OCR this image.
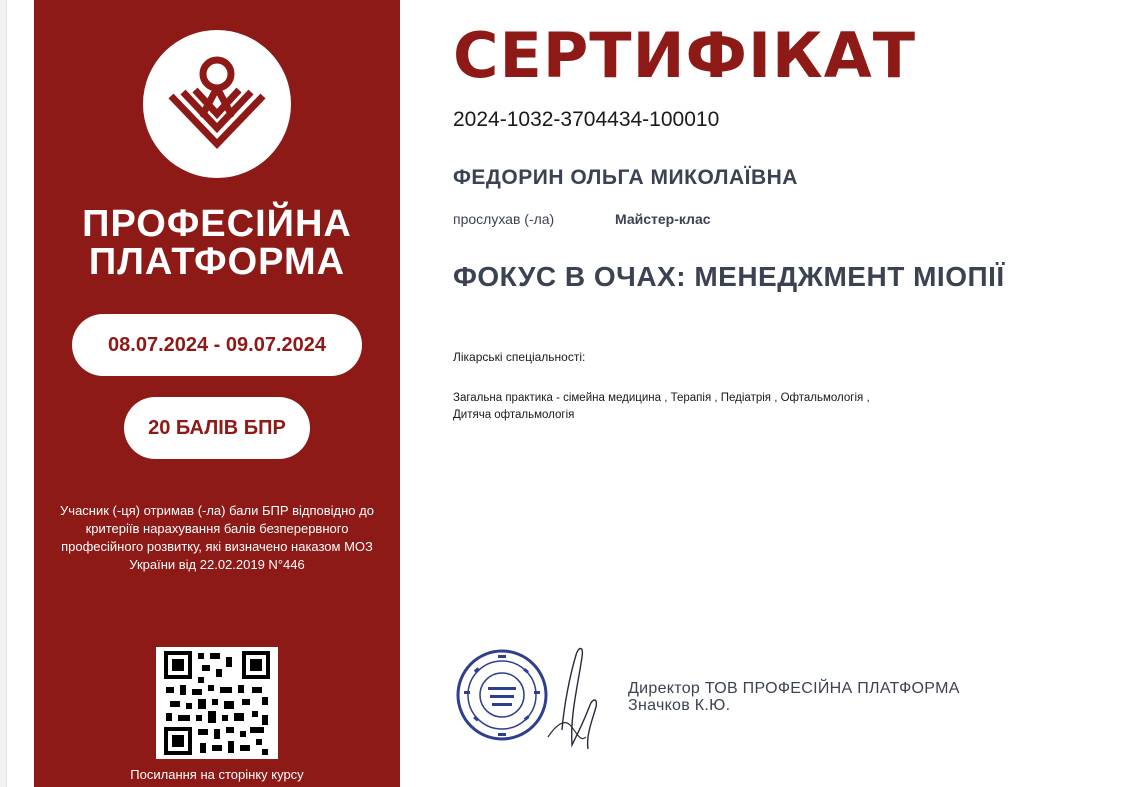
ПРОФЕСІЙНА
ПЛАТФОРМА
08.07.2024 - 09.07.2024
20 БАЛІВ БПР
Учасник (-ця) отримав (-ла) бали БПР відповідно до критеріїв нарахування балів безперервного професійного розвитку, які визначено наказом МОЗ України від 22.02.2019 N°446
Посилання на сторінку курсу
СЕРТИФІКАТ
2024-1032-3704434-100010
ФЕДОРИН ОЛЬГА МИКОЛАЇВНА
прослухав (-ла)	Майстер-клас
ФОКУС В ОЧАХ: МЕНЕДЖМЕНТ МІОПІЇ
Лікарські спеціальності:
Загальна практика - сімейна медицина , Терапія , Педіатрія , Офтальмологія , Дитяча офтальмологія
Директор ТОВ ПРОФЕСІЙНА ПЛАТФОРМА
Значков К.Ю.
